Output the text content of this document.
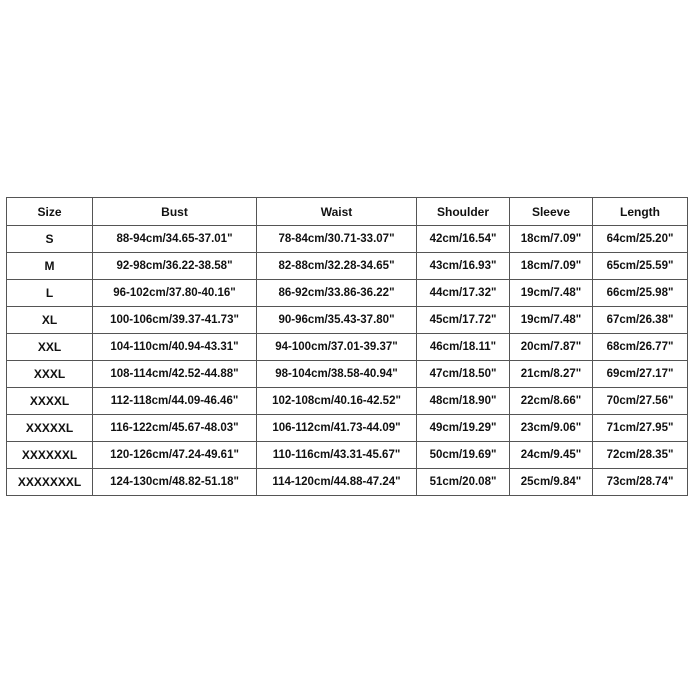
Size	Bust	Waist	Shoulder	Sleeve	Length
S	88-94cm/34.65-37.01"	78-84cm/30.71-33.07"	42cm/16.54"	18cm/7.09"	64cm/25.20"
M	92-98cm/36.22-38.58"	82-88cm/32.28-34.65"	43cm/16.93"	18cm/7.09"	65cm/25.59"
L	96-102cm/37.80-40.16"	86-92cm/33.86-36.22"	44cm/17.32"	19cm/7.48"	66cm/25.98"
XL	100-106cm/39.37-41.73"	90-96cm/35.43-37.80"	45cm/17.72"	19cm/7.48"	67cm/26.38"
XXL	104-110cm/40.94-43.31"	94-100cm/37.01-39.37"	46cm/18.11"	20cm/7.87"	68cm/26.77"
XXXL	108-114cm/42.52-44.88"	98-104cm/38.58-40.94"	47cm/18.50"	21cm/8.27"	69cm/27.17"
XXXXL	112-118cm/44.09-46.46"	102-108cm/40.16-42.52"	48cm/18.90"	22cm/8.66"	70cm/27.56"
XXXXXL	116-122cm/45.67-48.03"	106-112cm/41.73-44.09"	49cm/19.29"	23cm/9.06"	71cm/27.95"
XXXXXXL	120-126cm/47.24-49.61"	110-116cm/43.31-45.67"	50cm/19.69"	24cm/9.45"	72cm/28.35"
XXXXXXXL	124-130cm/48.82-51.18"	114-120cm/44.88-47.24"	51cm/20.08"	25cm/9.84"	73cm/28.74"
